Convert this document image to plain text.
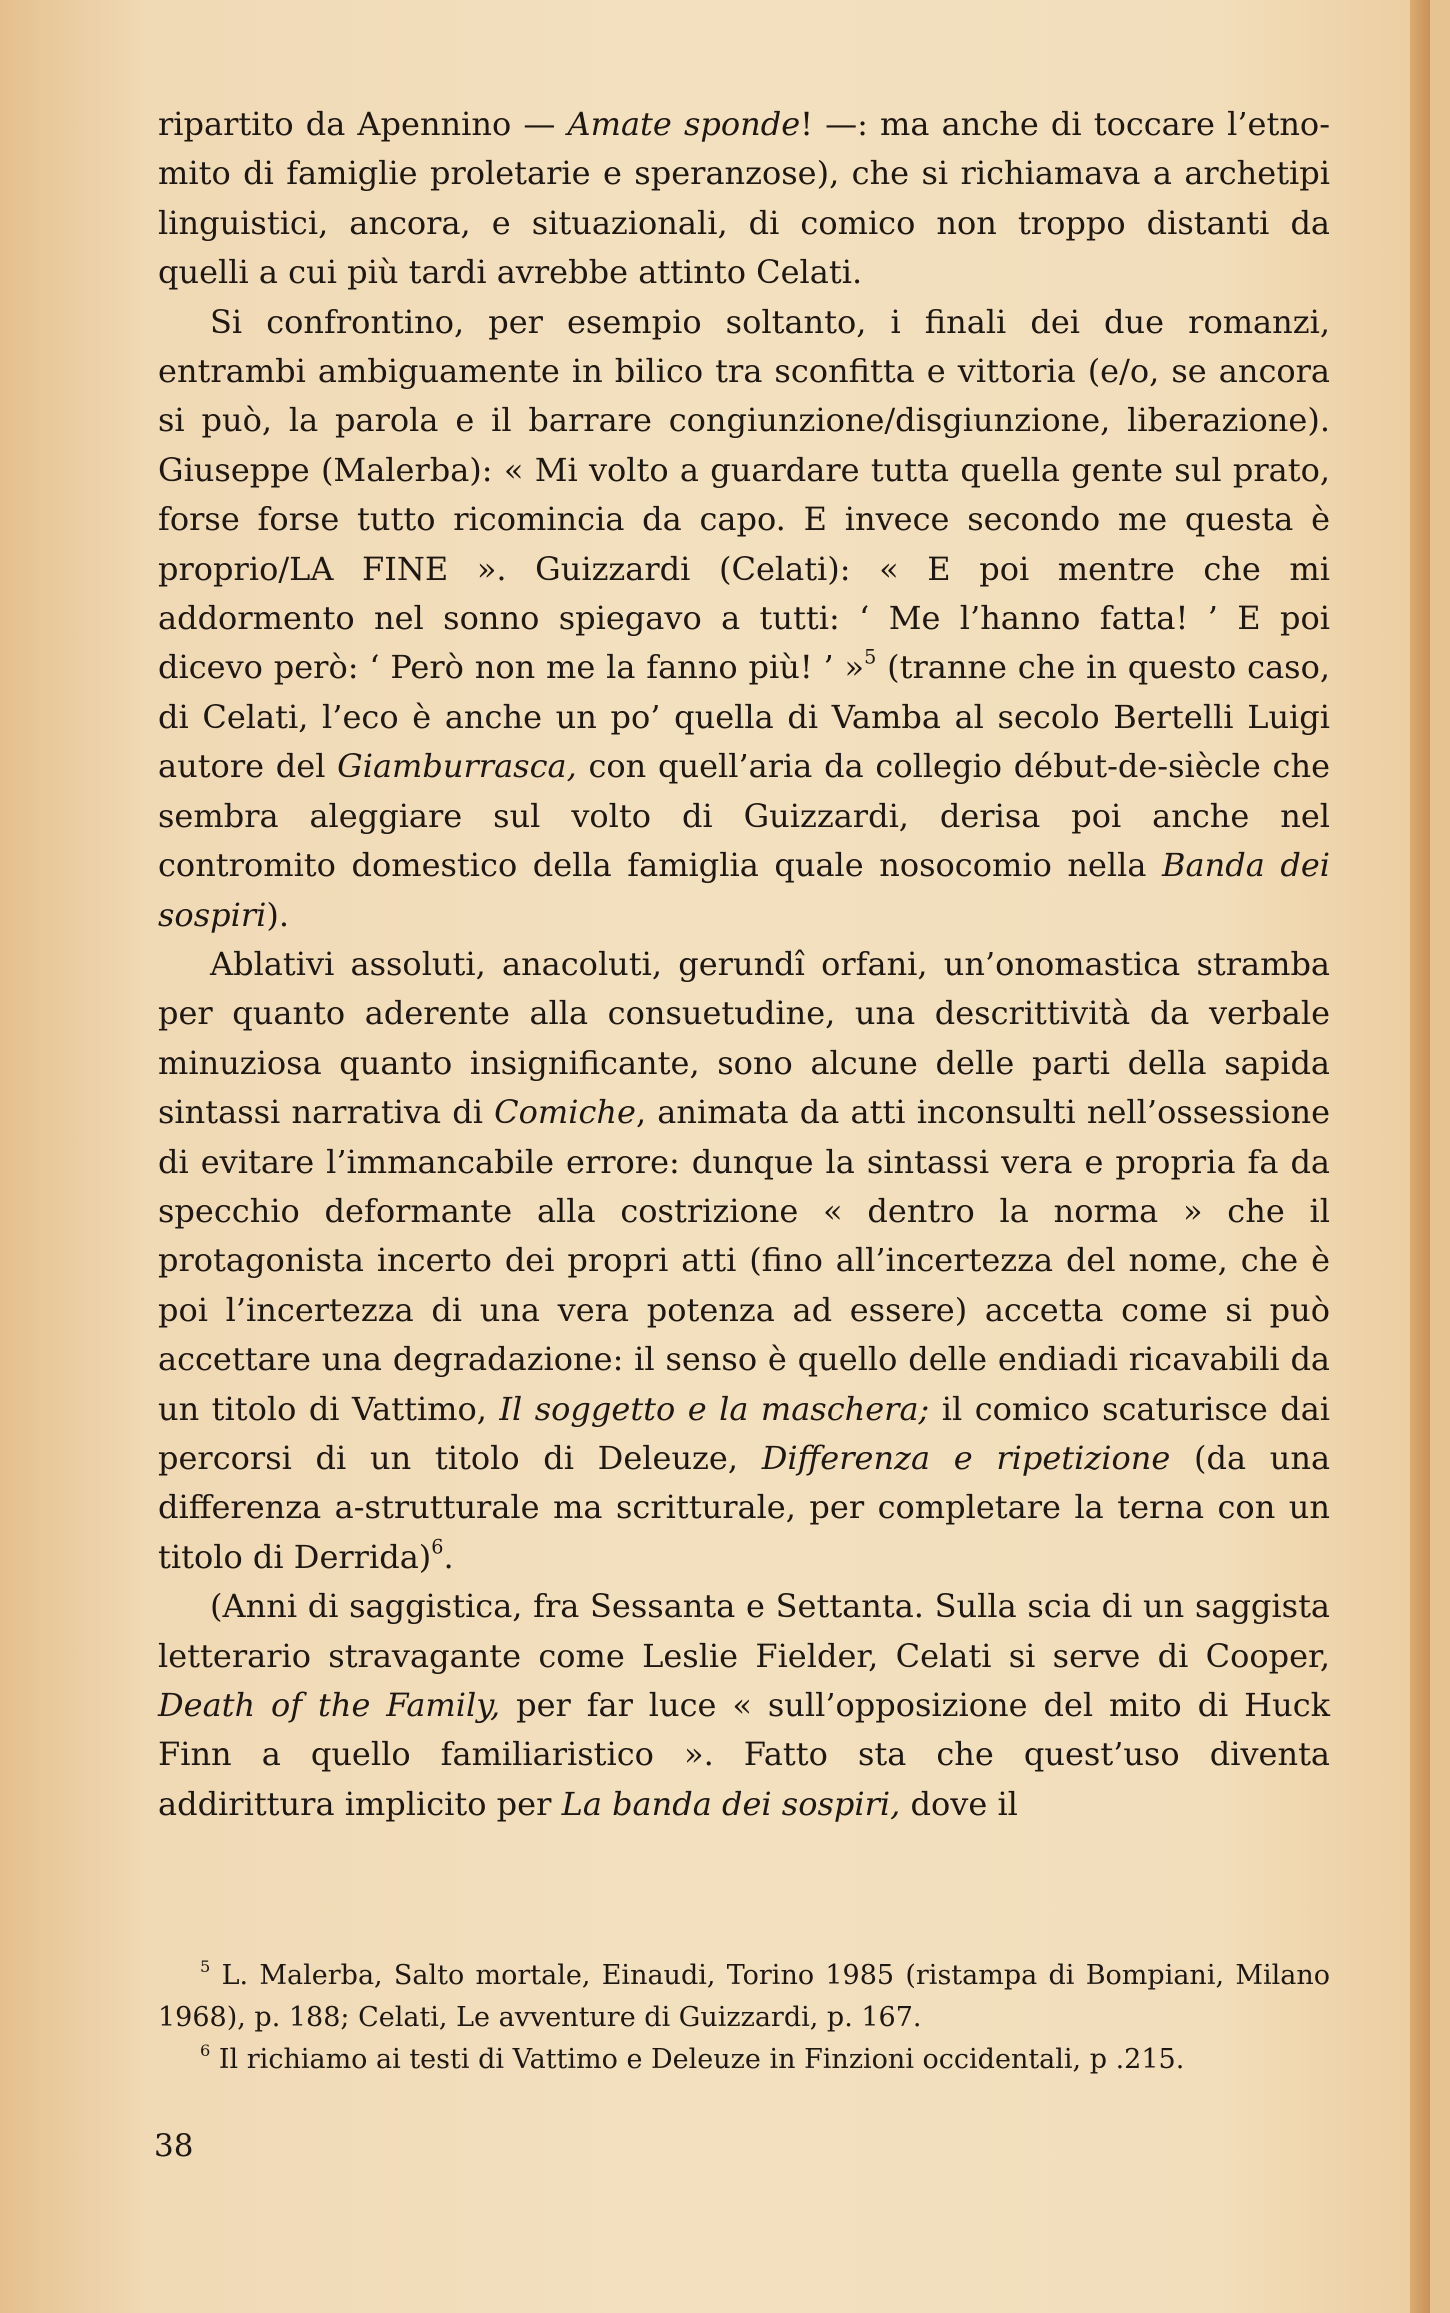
ripartito da Apennino — Amate sponde! —: ma anche di toccare l’etno-mito di famiglie proletarie e speranzose), che si richiamava a archetipi linguistici, ancora, e situazionali, di comico non troppo distanti da quelli a cui più tardi avrebbe attinto Celati.

Si confrontino, per esempio soltanto, i finali dei due romanzi, entrambi ambiguamente in bilico tra sconfitta e vittoria (e/o, se ancora si può, la parola e il barrare congiunzione/disgiunzione, liberazione). Giuseppe (Malerba): « Mi volto a guardare tutta quella gente sul prato, forse forse tutto ricomincia da capo. E invece secondo me questa è proprio/LA FINE ». Guizzardi (Celati): « E poi mentre che mi addormento nel sonno spiegavo a tutti: ‘ Me l’hanno fatta! ’ E poi dicevo però: ‘ Però non me la fanno più! ’ »$^5$ (tranne che in questo caso, di Celati, l’eco è anche un po’ quella di Vamba al secolo Bertelli Luigi autore del Giamburrasca, con quell’aria da collegio début-de-siècle che sembra aleggiare sul volto di Guizzardi, derisa poi anche nel contromito domestico della famiglia quale nosocomio nella Banda dei sospiri).

Ablativi assoluti, anacoluti, gerundî orfani, un’onomastica stramba per quanto aderente alla consuetudine, una descrittività da verbale minuziosa quanto insignificante, sono alcune delle parti della sapida sintassi narrativa di Comiche, animata da atti inconsulti nell’ossessione di evitare l’immancabile errore: dunque la sintassi vera e propria fa da specchio deformante alla costrizione « dentro la norma » che il protagonista incerto dei propri atti (fino all’incertezza del nome, che è poi l’incertezza di una vera potenza ad essere) accetta come si può accettare una degradazione: il senso è quello delle endiadi ricavabili da un titolo di Vattimo, Il soggetto e la maschera; il comico scaturisce dai percorsi di un titolo di Deleuze, Differenza e ripetizione (da una differenza a-strutturale ma scritturale, per completare la terna con un titolo di Derrida)$^6$.

(Anni di saggistica, fra Sessanta e Settanta. Sulla scia di un saggista letterario stravagante come Leslie Fielder, Celati si serve di Cooper, Death of the Family, per far luce « sull’opposizione del mito di Huck Finn a quello familiaristico ». Fatto sta che quest’uso diventa addirittura implicito per La banda dei sospiri, dove il

$^5$ L. Malerba, Salto mortale, Einaudi, Torino 1985 (ristampa di Bompiani, Milano 1968), p. 188; Celati, Le avventure di Guizzardi, p. 167.

$^6$ Il richiamo ai testi di Vattimo e Deleuze in Finzioni occidentali, p .215.

38
